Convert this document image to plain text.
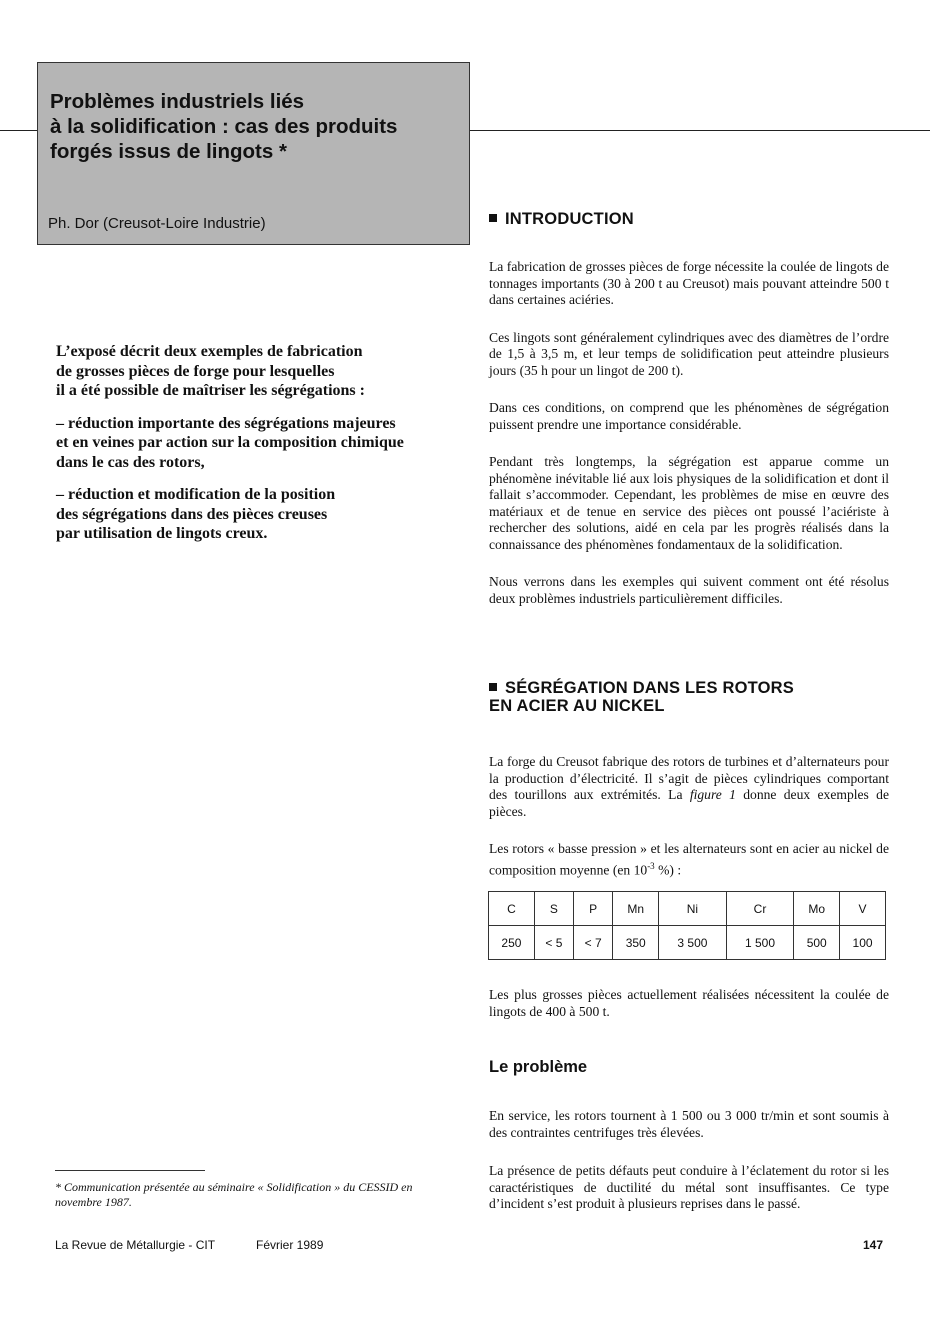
Problèmes industriels liés
à la solidification : cas des produits
forgés issus de lingots *
Ph. Dor (Creusot-Loire Industrie)

L’exposé décrit deux exemples de fabrication
de grosses pièces de forge pour lesquelles
il a été possible de maîtriser les ségrégations :

– réduction importante des ségrégations majeures
et en veines par action sur la composition chimique
dans le cas des rotors,

– réduction et modification de la position
des ségrégations dans des pièces creuses
par utilisation de lingots creux.

INTRODUCTION

La fabrication de grosses pièces de forge nécessite la coulée de lingots de tonnages importants (30 à 200 t au Creusot) mais pouvant atteindre 500 t dans certaines aciéries.

Ces lingots sont généralement cylindriques avec des diamètres de l’ordre de 1,5 à 3,5 m, et leur temps de solidification peut atteindre plusieurs jours (35 h pour un lingot de 200 t).

Dans ces conditions, on comprend que les phénomènes de ségrégation puissent prendre une importance considérable.

Pendant très longtemps, la ségrégation est apparue comme un phénomène inévitable lié aux lois physiques de la solidification et dont il fallait s’accommoder. Cependant, les problèmes de mise en œuvre des matériaux et de tenue en service des pièces ont poussé l’aciériste à rechercher des solutions, aidé en cela par les progrès réalisés dans la connaissance des phénomènes fondamentaux de la solidification.

Nous verrons dans les exemples qui suivent comment ont été résolus deux problèmes industriels particulièrement difficiles.

SÉGRÉGATION DANS LES ROTORS
EN ACIER AU NICKEL

La forge du Creusot fabrique des rotors de turbines et d’alternateurs pour la production d’électricité. Il s’agit de pièces cylindriques comportant des tourillons aux extrémités. La figure 1 donne deux exemples de pièces.

Les rotors « basse pression » et les alternateurs sont en acier au nickel de composition moyenne (en $10^{-3}$ %) :

C	S	P	Mn	Ni	Cr	Mo	V
250	< 5	< 7	350	3 500	1 500	500	100

Les plus grosses pièces actuellement réalisées nécessitent la coulée de lingots de 400 à 500 t.

Le problème

En service, les rotors tournent à 1 500 ou 3 000 tr/min et sont soumis à des contraintes centrifuges très élevées.

La présence de petits défauts peut conduire à l’éclatement du rotor si les caractéristiques de ductilité du métal sont insuffisantes. Ce type d’incident s’est produit à plusieurs reprises dans le passé.

* Communication présentée au séminaire « Solidification » du CESSID en novembre 1987.
La Revue de Métallurgie - CIT	Février 1989	147
